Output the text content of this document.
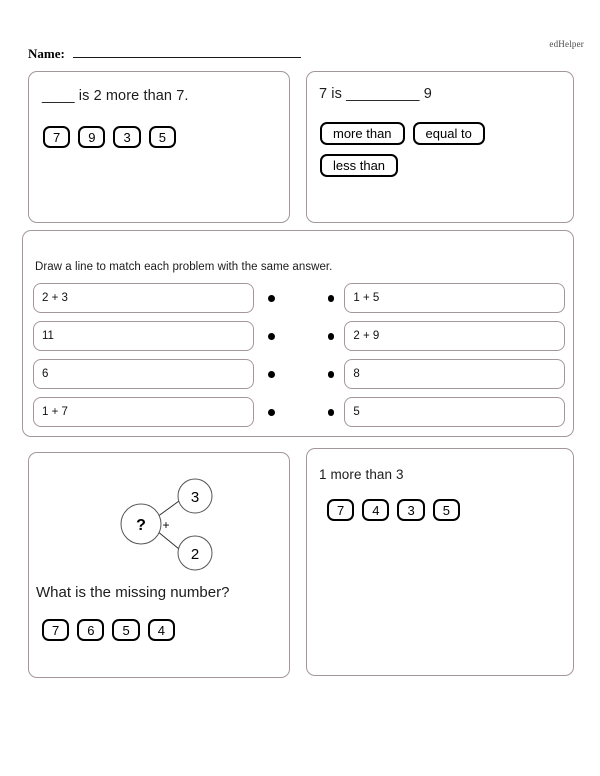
edHelper
Name:
____ is 2 more than 7.
7	9	3	5
7 is _________ 9
more than	equal to
less than
Draw a line to match each problem with the same answer.
2 + 3	1 + 5
11	2 + 9
6	8
1 + 7	5
? +
3
2
What is the missing number?
7	6	5	4
1 more than 3
7	4	3	5
